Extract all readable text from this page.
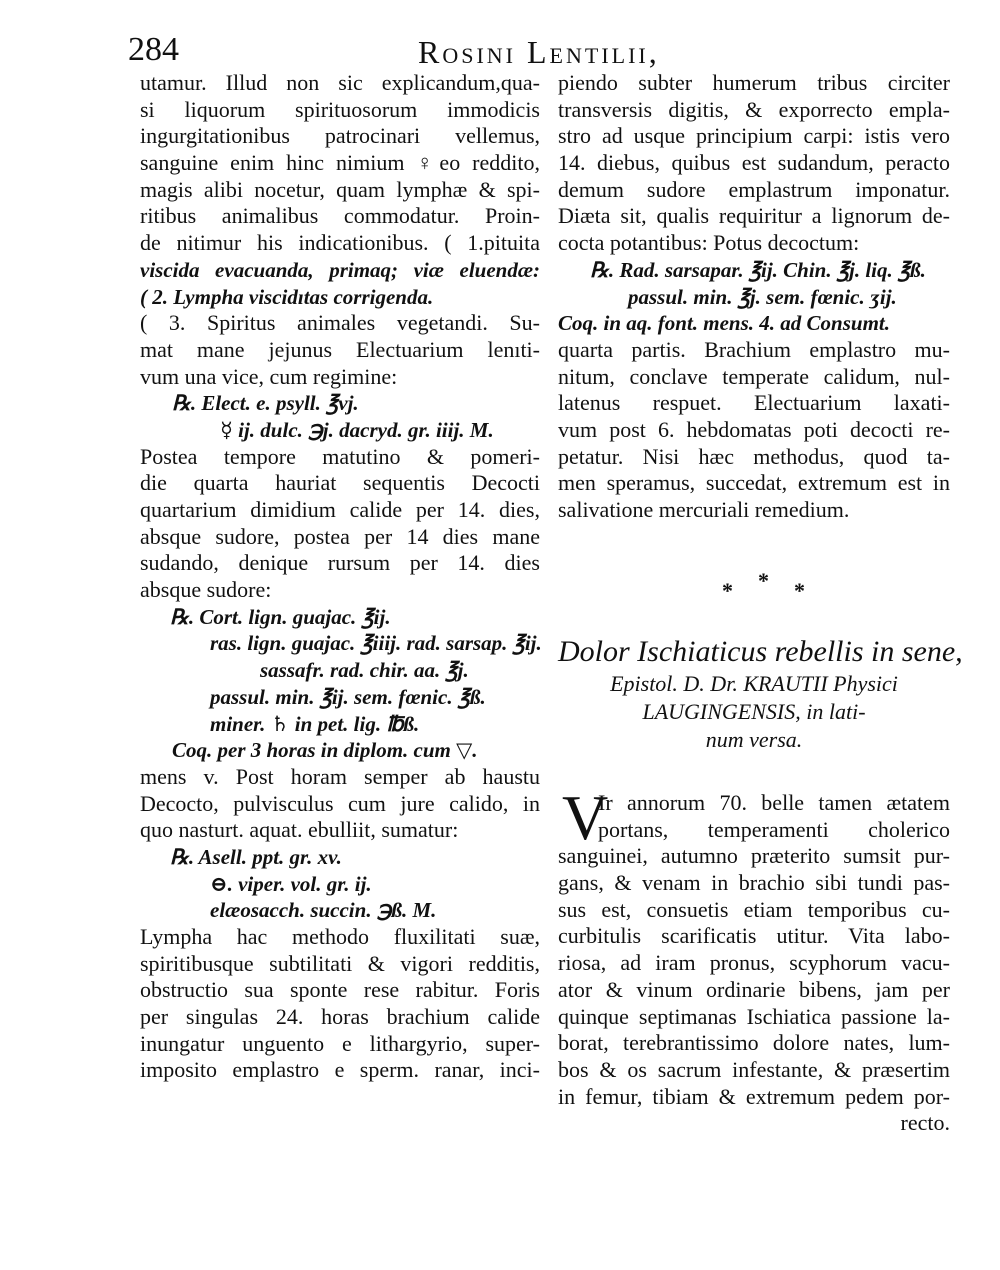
284	Rosini Lentilii,
utamur. Illud non sic explicandum,qua-
si liquorum spirituosorum immodicis
ingurgitationibus patrocinari vellemus,
sanguine enim hinc nimium ♀eo reddito,
magis alibi nocetur, quam lymphæ & spi-
ritibus animalibus commodatur. Proin-
de nitimur his indicationibus. ( 1.pituita
viscida evacuanda, primaq; viæ eluendæ:
( 2. Lympha viscidıtas corrigenda.
( 3. Spiritus animales vegetandi. Su-
mat mane jejunus Electuarium lenıti-
vum una vice, cum regimine:
℞. Elect. e. psyll. ℥vj.
☿ ij. dulc. ℈j. dacryd. gr. iiij. M.
Postea tempore matutino & pomeri-
die quarta hauriat sequentis Decocti
quartarium dimidium calide per 14. dies,
absque sudore, postea per 14 dies mane
sudando, denique rursum per 14. dies
absque sudore:
℞. Cort. lign. guajac. ℥ij.
ras. lign. guajac. ℥iiij. rad. sarsap. ℥ij.
sassafr. rad. chir. aa. ℥j.
passul. min. ℥ij. sem. fœnic. ℥ß.
miner. ♄ in pet. lig. ℔ß.
Coq. per 3 horas in diplom. cum ▽.
mens v. Post horam semper ab haustu
Decocto, pulvisculus cum jure calido, in
quo nasturt. aquat. ebulliit, sumatur:
℞. Asell. ppt. gr. xv.
⊖. viper. vol. gr. ij.
elæosacch. succin. ℈ß. M.
Lympha hac methodo fluxilitati suæ,
spiritibusque subtilitati & vigori redditis,
obstructio sua sponte rese rabitur. Foris
per singulas 24. horas brachium calide
inungatur unguento e lithargyrio, super-
imposito emplastro e sperm. ranar, inci-
piendo subter humerum tribus circiter
transversis digitis, & exporrecto empla-
stro ad usque principium carpi: istis vero
14. diebus, quibus est sudandum, peracto
demum sudore emplastrum imponatur.
Diæta sit, qualis requiritur a lignorum de-
cocta potantibus: Potus decoctum:
℞. Rad. sarsapar. ℥ij. Chin. ℥j. liq. ℥ß.
passul. min. ℥j. sem. fœnic. ʒij.
Coq. in aq. font. mens. 4. ad Consumt.
quarta partis. Brachium emplastro mu-
nitum, conclave temperate calidum, nul-
latenus respuet. Electuarium laxati-
vum post 6. hebdomatas poti decocti re-
petatur. Nisi hæc methodus, quod ta-
men speramus, succedat, extremum est in
salivatione mercuriali remedium.
* * *
Dolor Ischiaticus rebellis in sene,
Epistol. D. Dr. KRAUTII Physici
LAUGINGENSIS, in lati-
num versa.
V
Ir annorum 70. belle tamen ætatem
portans, temperamenti cholerico
sanguinei, autumno præterito sumsit pur-
gans, & venam in brachio sibi tundi pas-
sus est, consuetis etiam temporibus cu-
curbitulis scarificatis utitur. Vita labo-
riosa, ad iram pronus, scyphorum vacu-
ator & vinum ordinarie bibens, jam per
quinque septimanas Ischiatica passione la-
borat, terebrantissimo dolore nates, lum-
bos & os sacrum infestante, & præsertim
in femur, tibiam & extremum pedem por-
recto.
